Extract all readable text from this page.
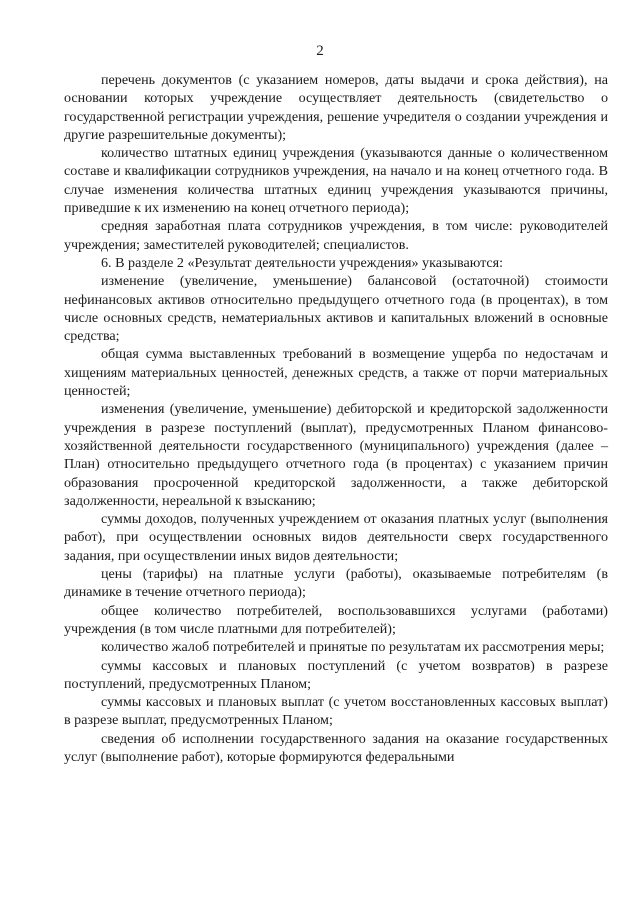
2

перечень документов (с указанием номеров, даты выдачи и срока действия), на основании которых учреждение осуществляет деятельность (свидетельство о государственной регистрации учреждения, решение учредителя о создании учреждения и другие разрешительные документы);

количество штатных единиц учреждения (указываются данные о количественном составе и квалификации сотрудников учреждения, на начало и на конец отчетного года. В случае изменения количества штатных единиц учреждения указываются причины, приведшие к их изменению на конец отчетного периода);

средняя заработная плата сотрудников учреждения, в том числе: руководителей учреждения; заместителей руководителей; специалистов.

6. В разделе 2 «Результат деятельности учреждения» указываются:

изменение (увеличение, уменьшение) балансовой (остаточной) стоимости нефинансовых активов относительно предыдущего отчетного года (в процентах), в том числе основных средств, нематериальных активов и капитальных вложений в основные средства;

общая сумма выставленных требований в возмещение ущерба по недостачам и хищениям материальных ценностей, денежных средств, а также от порчи материальных ценностей;

изменения (увеличение, уменьшение) дебиторской и кредиторской задолженности учреждения в разрезе поступлений (выплат), предусмотренных Планом финансово-хозяйственной деятельности государственного (муниципального) учреждения (далее – План) относительно предыдущего отчетного года (в процентах) с указанием причин образования просроченной кредиторской задолженности, а также дебиторской задолженности, нереальной к взысканию;

суммы доходов, полученных учреждением от оказания платных услуг (выполнения работ), при осуществлении основных видов деятельности сверх государственного задания, при осуществлении иных видов деятельности;

цены (тарифы) на платные услуги (работы), оказываемые потребителям (в динамике в течение отчетного периода);

общее количество потребителей, воспользовавшихся услугами (работами) учреждения (в том числе платными для потребителей);

количество жалоб потребителей и принятые по результатам их рассмотрения меры;

суммы кассовых и плановых поступлений (с учетом возвратов) в разрезе поступлений, предусмотренных Планом;

суммы кассовых и плановых выплат (с учетом восстановленных кассовых выплат) в разрезе выплат, предусмотренных Планом;

сведения об исполнении государственного задания на оказание государственных услуг (выполнение работ), которые формируются федеральными
